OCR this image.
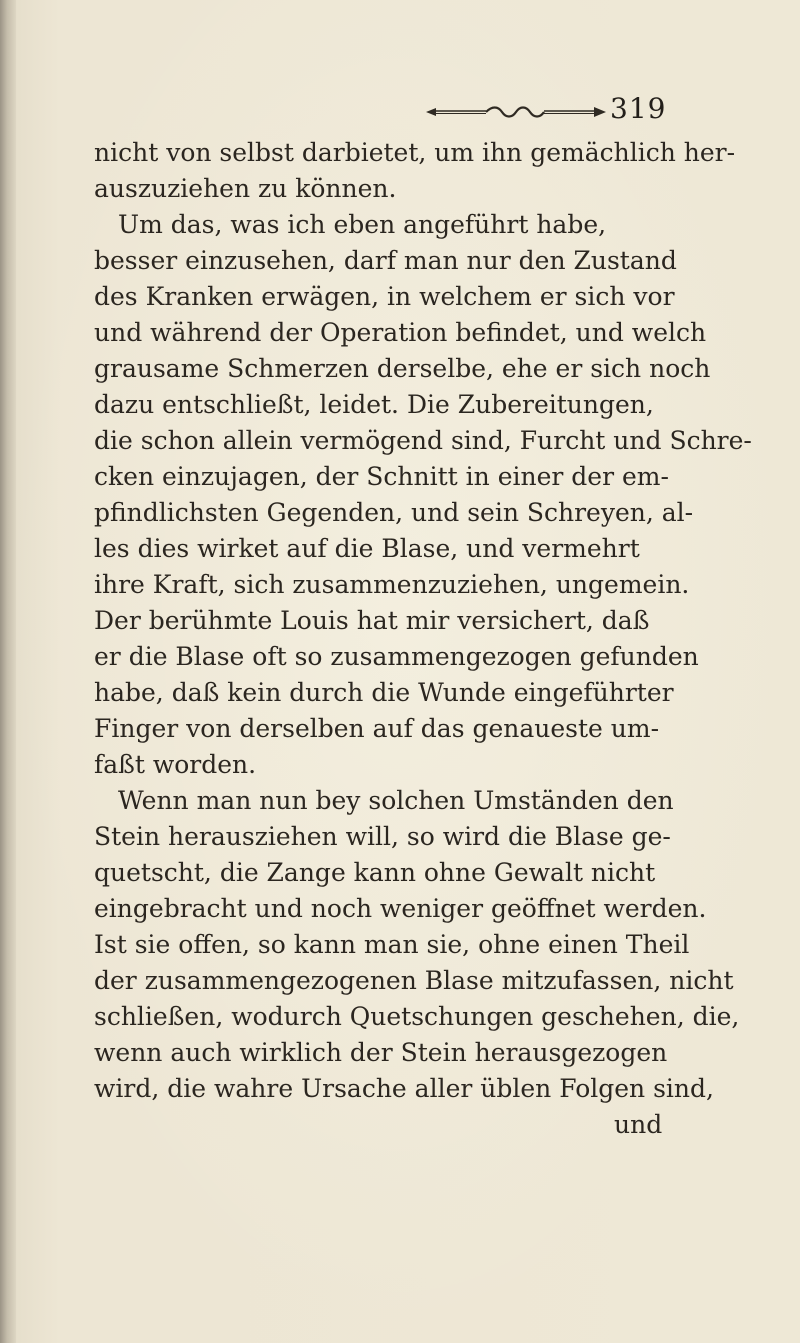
319
nicht von selbst darbietet, um ihn gemächlich her-
auszuziehen zu können.
Um das, was ich eben angeführt habe,
besser einzusehen, darf man nur den Zustand
des Kranken erwägen, in welchem er sich vor
und während der Operation befindet, und welch
grausame Schmerzen derselbe, ehe er sich noch
dazu entschließt, leidet. Die Zubereitungen,
die schon allein vermögend sind, Furcht und Schre-
cken einzujagen, der Schnitt in einer der em-
pfindlichsten Gegenden, und sein Schreyen, al-
les dies wirket auf die Blase, und vermehrt
ihre Kraft, sich zusammenzuziehen, ungemein.
Der berühmte Louis hat mir versichert, daß
er die Blase oft so zusammengezogen gefunden
habe, daß kein durch die Wunde eingeführter
Finger von derselben auf das genaueste um-
faßt worden.
Wenn man nun bey solchen Umständen den
Stein herausziehen will, so wird die Blase ge-
quetscht, die Zange kann ohne Gewalt nicht
eingebracht und noch weniger geöffnet werden.
Ist sie offen, so kann man sie, ohne einen Theil
der zusammengezogenen Blase mitzufassen, nicht
schließen, wodurch Quetschungen geschehen, die,
wenn auch wirklich der Stein herausgezogen
wird, die wahre Ursache aller üblen Folgen sind,
und
